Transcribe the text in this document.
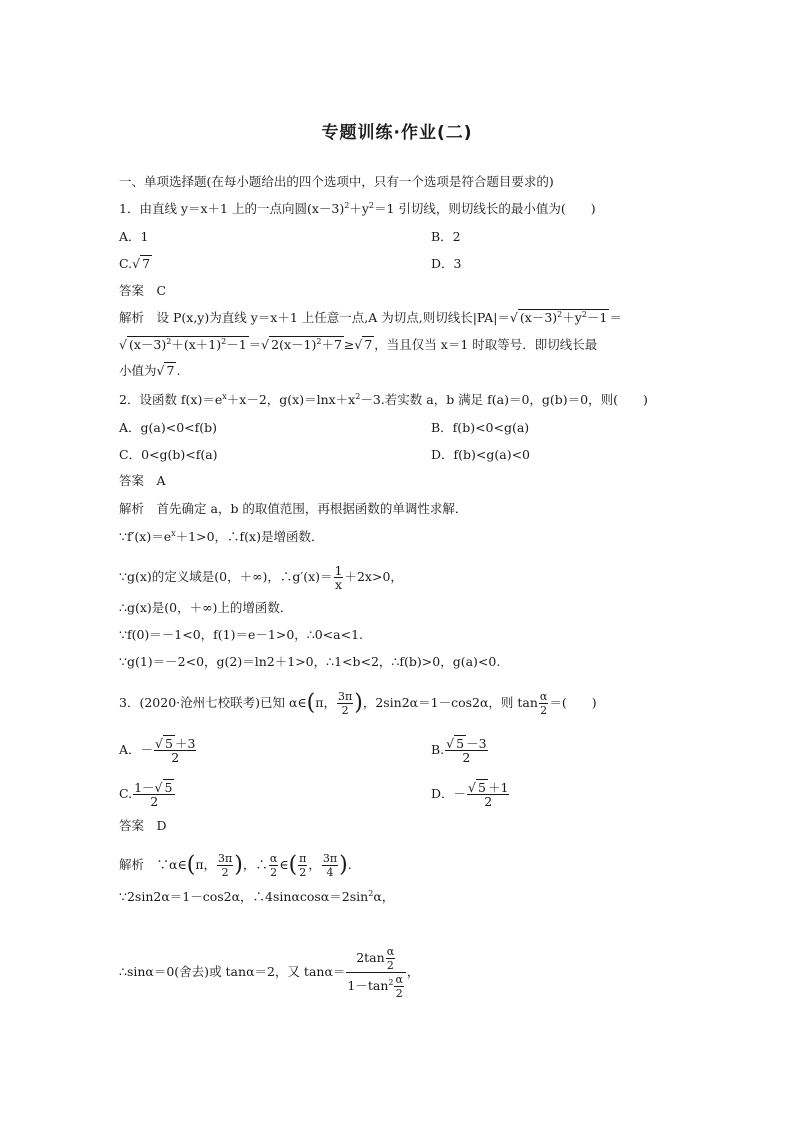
专题训练·作业(二)
一、单项选择题(在每小题给出的四个选项中，只有一个选项是符合题目要求的)
1．由直线 y＝x＋1 上的一点向圆$(x-3)^2+y^2=1$ 引切线，则切线长的最小值为(　　)
A．1	B．2
C.√ 7	D．3
答案　 C
解析　设 P(x,y)为直线 y＝x＋1 上任意一点,A 为切点,则切线长|PA|＝√ $(x-3)^2+y^2-1$ ＝
√ $(x-3)^2+(x+1)^2-1$ ＝√ $2(x-1)^2+7$ ≥√ 7 ，当且仅当 x＝1 时取等号．即切线长最
小值为√ 7 .
2．设函数 $f(x)=e^x+x-2$，$g(x)=\ln x+x^2-3$.若实数 a，b 满足 f(a)＝0，g(b)＝0，则(　　)
A．g(a)<0<f(b)	B．f(b)<0<g(a)
C．0<g(b)<f(a)	D．f(b)<g(a)<0
答案　 A
解析　 首先确定 a，b 的取值范围，再根据函数的单调性求解．
$\because f'(x)=e^x+1>0$，∴f(x)是增函数．
∵g(x)的定义域是(0，＋∞)，∴g′(x)＝ $\frac{1}{x} +2x>0$，
∴g(x)是(0，＋∞)上的增函数．
∵f(0)＝－1<0，f(1)＝e－1>0，∴0<a<1.
∵g(1)＝－2<0，g(2)＝ln2＋1>0，∴1<b<2，∴f(b)>0，g(a)<0.
3．(2020·沧州七校联考)已知 α∈(π， $\frac{3\pi}{2}$ )，2sin2α＝1－cos2α，则 $\tan \frac{\alpha}{2}$ ＝(　　)
A．－ $\frac{√ 5 +3}{2}$	B. $\frac{√ 5 -3}{2}$
C. $\frac{1-√ 5}{2}$	D．－ $\frac{√ 5 +1}{2}$
答案　 D
解析　∵α∈(π， $\frac{3\pi}{2}$ )，∴ $\frac{\alpha}{2}$ ∈( $\frac{\pi}{2}$ ， $\frac{3\pi}{4}$ ).
∵2sin2α＝1－cos2α，$\therefore 4\sin\alpha\cos\alpha=2\sin^2\alpha$，
∴sinα＝0(舍去)或 tanα＝2，又 $\tan\alpha= \frac{2\tan \frac{\alpha}{2}}{1-\tan^2 \frac{\alpha}{2}}$ ，
